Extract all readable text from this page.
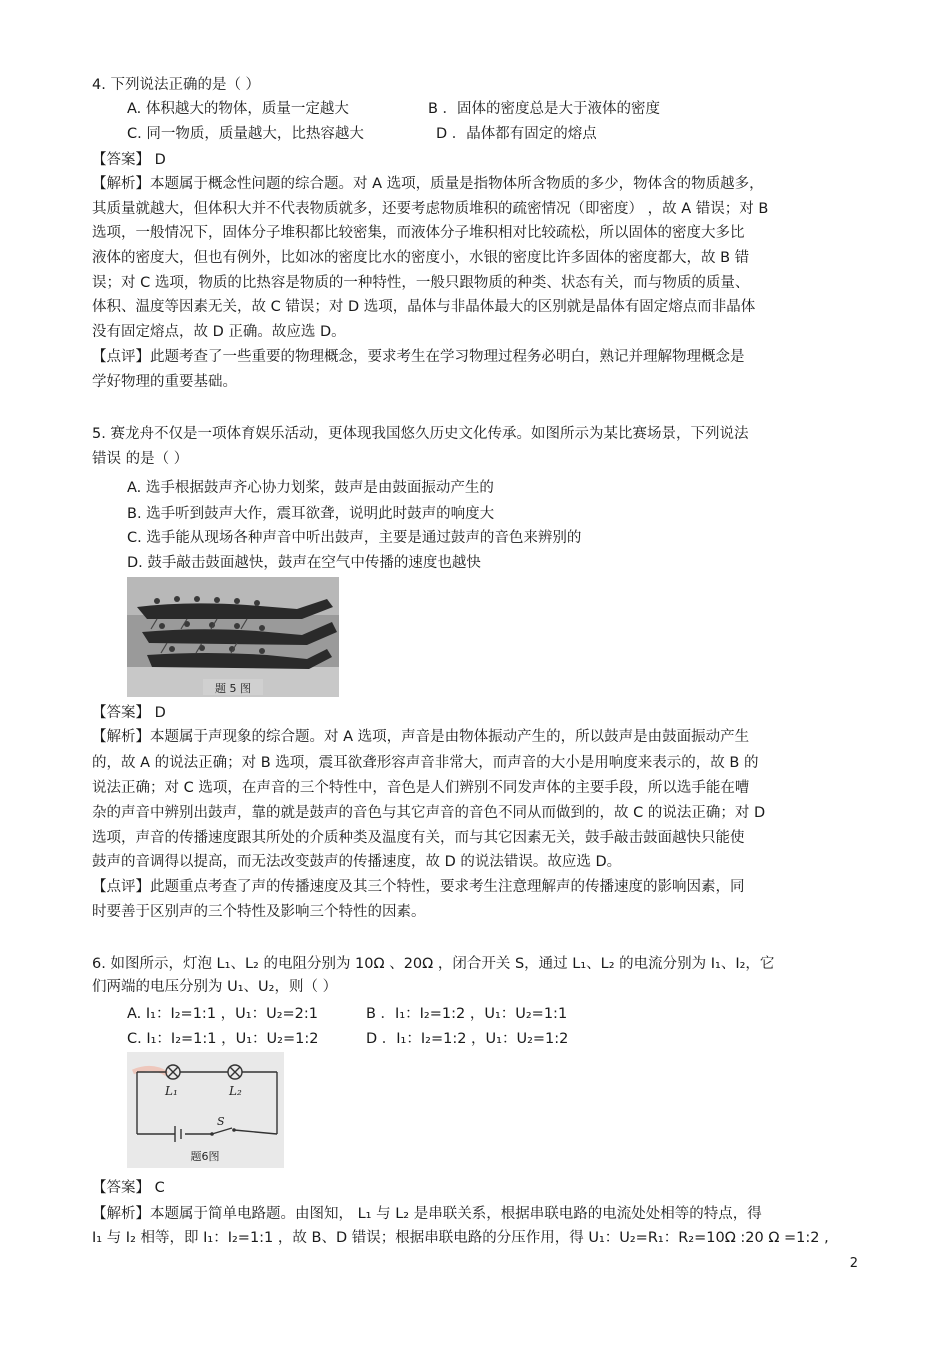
4. 下列说法正确的是（ ）
A. 体积越大的物体，质量一定越大	B ．固体的密度总是大于液体的密度
C. 同一物质，质量越大，比热容越大	D ．晶体都有固定的熔点
【答案】 D
【解析】本题属于概念性问题的综合题。对 A 选项，质量是指物体所含物质的多少，物体含的物质越多，
其质量就越大，但体积大并不代表物质就多，还要考虑物质堆积的疏密情况（即密度） ，故 A 错误；对 B
选项，一般情况下，固体分子堆积都比较密集，而液体分子堆积相对比较疏松，所以固体的密度大多比
液体的密度大，但也有例外，比如冰的密度比水的密度小，水银的密度比许多固体的密度都大，故 B 错
误；对 C 选项，物质的比热容是物质的一种特性，一般只跟物质的种类、状态有关，而与物质的质量、
体积、温度等因素无关，故 C 错误；对 D 选项，晶体与非晶体最大的区别就是晶体有固定熔点而非晶体
没有固定熔点，故 D 正确。故应选 D。
【点评】此题考查了一些重要的物理概念，要求考生在学习物理过程务必明白，熟记并理解物理概念是
学好物理的重要基础。
5. 赛龙舟不仅是一项体育娱乐活动，更体现我国悠久历史文化传承。如图所示为某比赛场景，下列说法
错误 的是（ ）
A. 选手根据鼓声齐心协力划桨，鼓声是由鼓面振动产生的
B. 选手听到鼓声大作，震耳欲聋，说明此时鼓声的响度大
C. 选手能从现场各种声音中听出鼓声，主要是通过鼓声的音色来辨别的
D. 鼓手敲击鼓面越快，鼓声在空气中传播的速度也越快
题 5 图
【答案】 D
【解析】本题属于声现象的综合题。对 A 选项，声音是由物体振动产生的，所以鼓声是由鼓面振动产生
的，故 A 的说法正确；对 B 选项，震耳欲聋形容声音非常大，而声音的大小是用响度来表示的，故 B 的
说法正确；对 C 选项，在声音的三个特性中，音色是人们辨别不同发声体的主要手段，所以选手能在嘈
杂的声音中辨别出鼓声，靠的就是鼓声的音色与其它声音的音色不同从而做到的，故 C 的说法正确；对 D
选项，声音的传播速度跟其所处的介质种类及温度有关，而与其它因素无关，鼓手敲击鼓面越快只能使
鼓声的音调得以提高，而无法改变鼓声的传播速度，故 D 的说法错误。故应选 D。
【点评】此题重点考查了声的传播速度及其三个特性，要求考生注意理解声的传播速度的影响因素，同
时要善于区别声的三个特性及影响三个特性的因素。
6. 如图所示，灯泡 L₁、L₂ 的电阻分别为 10Ω 、20Ω ，闭合开关 S，通过 L₁、L₂ 的电流分别为 I₁、I₂，它
们两端的电压分别为 U₁、U₂，则（ ）
A. I₁：I₂=1:1 ，U₁：U₂=2:1	B ．I₁：I₂=1:2 ，U₁：U₂=1:1
C. I₁：I₂=1:1 ，U₁：U₂=1:2	D ．I₁：I₂=1:2 ，U₁：U₂=1:2
L₁	L₂
S
题6图
【答案】 C
【解析】本题属于简单电路题。由图知， L₁ 与 L₂ 是串联关系，根据串联电路的电流处处相等的特点，得
I₁ 与 I₂ 相等，即 I₁：I₂=1:1 ，故 B、D 错误；根据串联电路的分压作用，得 U₁：U₂=R₁：R₂=10Ω :20 Ω =1:2 ,
2
